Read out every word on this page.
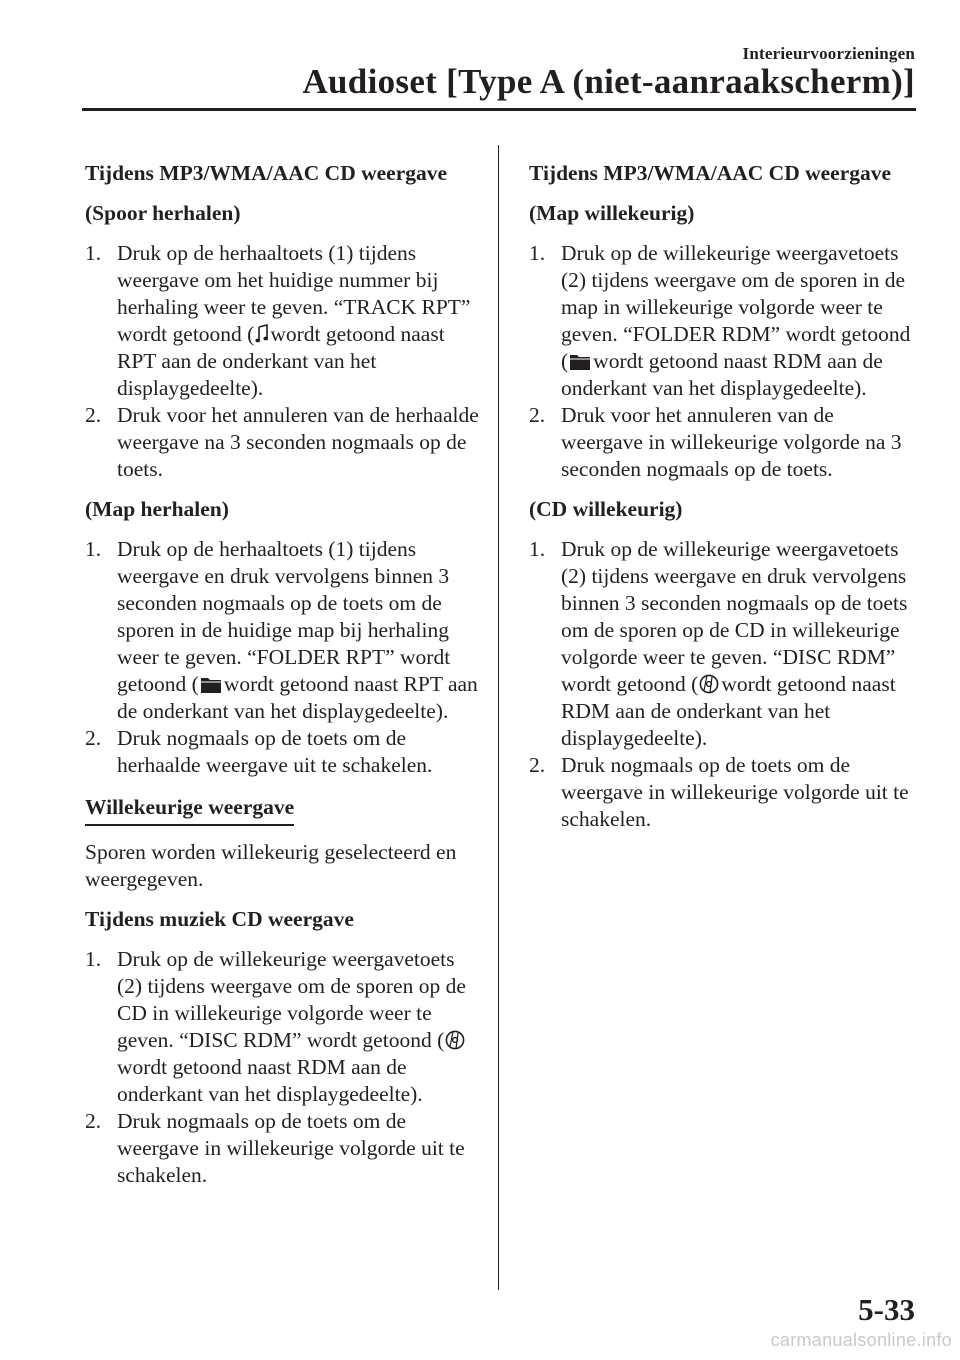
Interieurvoorzieningen
Audioset [Type A (niet-aanraakscherm)]
Tijdens MP3/WMA/AAC CD weergave
(Spoor herhalen)
1. Druk op de herhaaltoets (1) tijdens weergave om het huidige nummer bij herhaling weer te geven. “TRACK RPT” wordt getoond ( wordt getoond naast RPT aan de onderkant van het displaygedeelte).
2. Druk voor het annuleren van de herhaalde weergave na 3 seconden nogmaals op de toets.
(Map herhalen)
1. Druk op de herhaaltoets (1) tijdens weergave en druk vervolgens binnen 3 seconden nogmaals op de toets om de sporen in de huidige map bij herhaling weer te geven. “FOLDER RPT” wordt getoond ( wordt getoond naast RPT aan de onderkant van het displaygedeelte).
2. Druk nogmaals op de toets om de herhaalde weergave uit te schakelen.
Willekeurige weergave

Sporen worden willekeurig geselecteerd en weergegeven.

Tijdens muziek CD weergave
1. Druk op de willekeurige weergavetoets (2) tijdens weergave om de sporen op de CD in willekeurige volgorde weer te geven. “DISC RDM” wordt getoond (
wordt getoond naast RDM aan de onderkant van het displaygedeelte).
2. Druk nogmaals op de toets om de weergave in willekeurige volgorde uit te schakelen.
Tijdens MP3/WMA/AAC CD weergave
(Map willekeurig)
1. Druk op de willekeurige weergavetoets (2) tijdens weergave om de sporen in de map in willekeurige volgorde weer te geven. “FOLDER RDM” wordt getoond ( wordt getoond naast RDM aan de onderkant van het displaygedeelte).
2. Druk voor het annuleren van de weergave in willekeurige volgorde na 3 seconden nogmaals op de toets.
(CD willekeurig)
1. Druk op de willekeurige weergavetoets (2) tijdens weergave en druk vervolgens binnen 3 seconden nogmaals op de toets om de sporen op de CD in willekeurige volgorde weer te geven. “DISC RDM” wordt getoond ( wordt getoond naast RDM aan de onderkant van het displaygedeelte).
2. Druk nogmaals op de toets om de weergave in willekeurige volgorde uit te schakelen.
5-33
carmanualsonline.info
